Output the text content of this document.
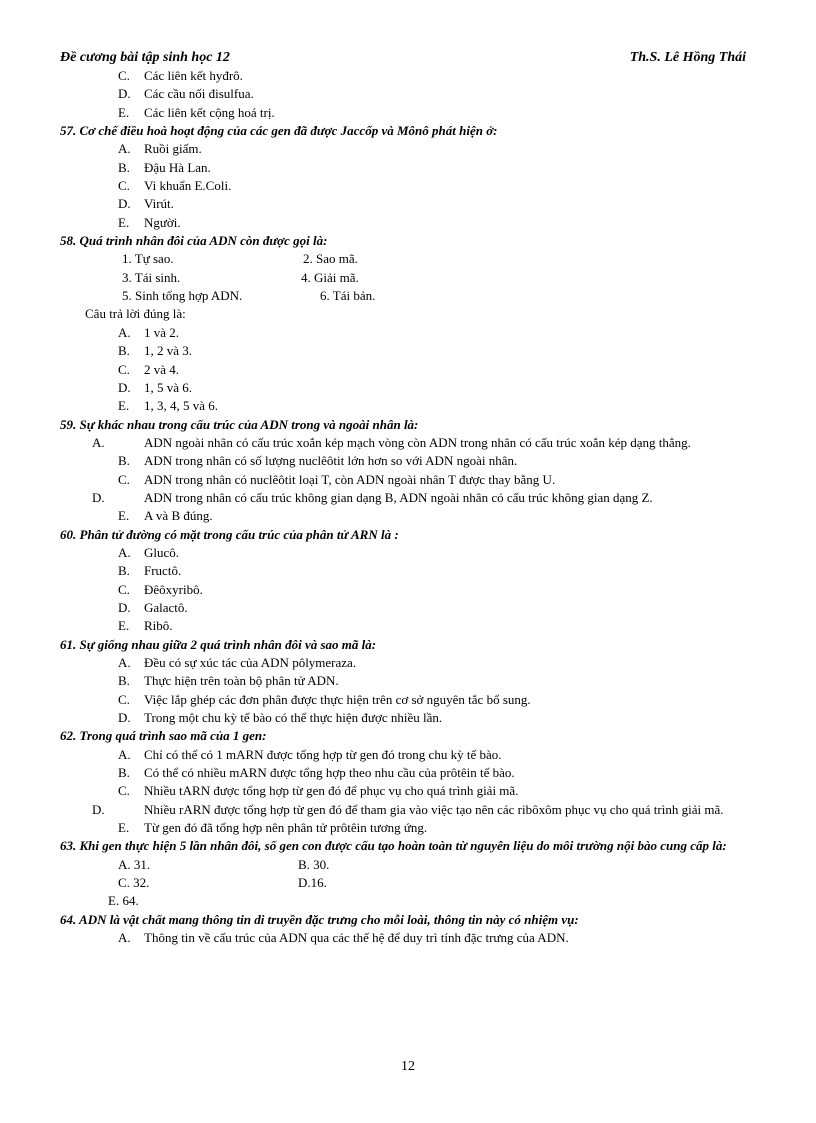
Đề cương bài tập sinh học 12	Th.S. Lê Hồng Thái
C. Các liên kết hyđrô.
D. Các cầu nối đisulfua.
E. Các liên kết cộng hoá trị.
57. Cơ chế điều hoà hoạt động của các gen đã được Jaccốp và Mônô phát hiện ở:
A. Ruồi giấm.
B. Đậu Hà Lan.
C. Vi khuẩn E.Coli.
D. Virút.
E. Người.
58. Quá trình nhân đôi của ADN còn được gọi là:
1. Tự sao.	2. Sao mã.
3. Tái sinh.	4. Giải mã.
5. Sinh tổng hợp ADN.	6. Tái bản.
Câu trả lời đúng là:
A. 1 và 2.
B. 1, 2 và 3.
C. 2 và 4.
D. 1, 5 và 6.
E. 1, 3, 4, 5 và 6.
59. Sự khác nhau trong cấu trúc của ADN trong và ngoài nhân là:
A.	ADN ngoài nhân có cấu trúc xoắn kép mạch vòng còn ADN trong nhân có cấu trúc xoắn kép dạng thẳng.
B. ADN trong nhân có số lượng nuclêôtit lớn hơn so với ADN ngoài nhân.
C. ADN trong nhân có nuclêôtit loại T, còn ADN ngoài nhân T được thay bằng U.
D.	ADN trong nhân có cấu trúc không gian dạng B, ADN ngoài nhân có cấu trúc không gian dạng Z.
E. A và B đúng.
60. Phân tử đường có mặt trong cấu trúc của phân tử ARN là :
A. Glucô.
B. Fructô.
C. Đêôxyribô.
D. Galactô.
E. Ribô.
61. Sự giống nhau giữa 2 quá trình nhân đôi và sao mã là:
A. Đều có sự xúc tác của ADN pôlymeraza.
B. Thực hiện trên toàn bộ phân tử ADN.
C. Việc lắp ghép các đơn phân được thực hiện trên cơ sở nguyên tắc bổ sung.
D. Trong một chu kỳ tế bào có thể thực hiện được nhiều lần.
62. Trong quá trình sao mã của 1 gen:
A. Chỉ có thể có 1 mARN được tổng hợp từ gen đó trong chu kỳ tế bào.
B. Có thể có nhiều mARN được tổng hợp theo nhu cầu của prôtêin tế bào.
C. Nhiều tARN được tổng hợp từ gen đó để phục vụ cho quá trình giải mã.
D.	Nhiều rARN được tổng hợp từ gen đó để tham gia vào việc tạo nên các ribôxôm phục vụ cho quá trình giải mã.
E. Từ gen đó đã tổng hợp nên phân tử prôtêin tương ứng.
63. Khi gen thực hiện 5 lần nhân đôi, số gen con được cấu tạo hoàn toàn từ nguyên liệu do môi trường nội bào cung cấp là:
A. 31.	B. 30.
C. 32.	D.16.
E. 64.
64. ADN là vật chất mang thông tin di truyền đặc trưng cho mỗi loài, thông tin này có nhiệm vụ:
A. Thông tin về cấu trúc của ADN qua các thế hệ để duy trì tính đặc trưng của ADN.
12
